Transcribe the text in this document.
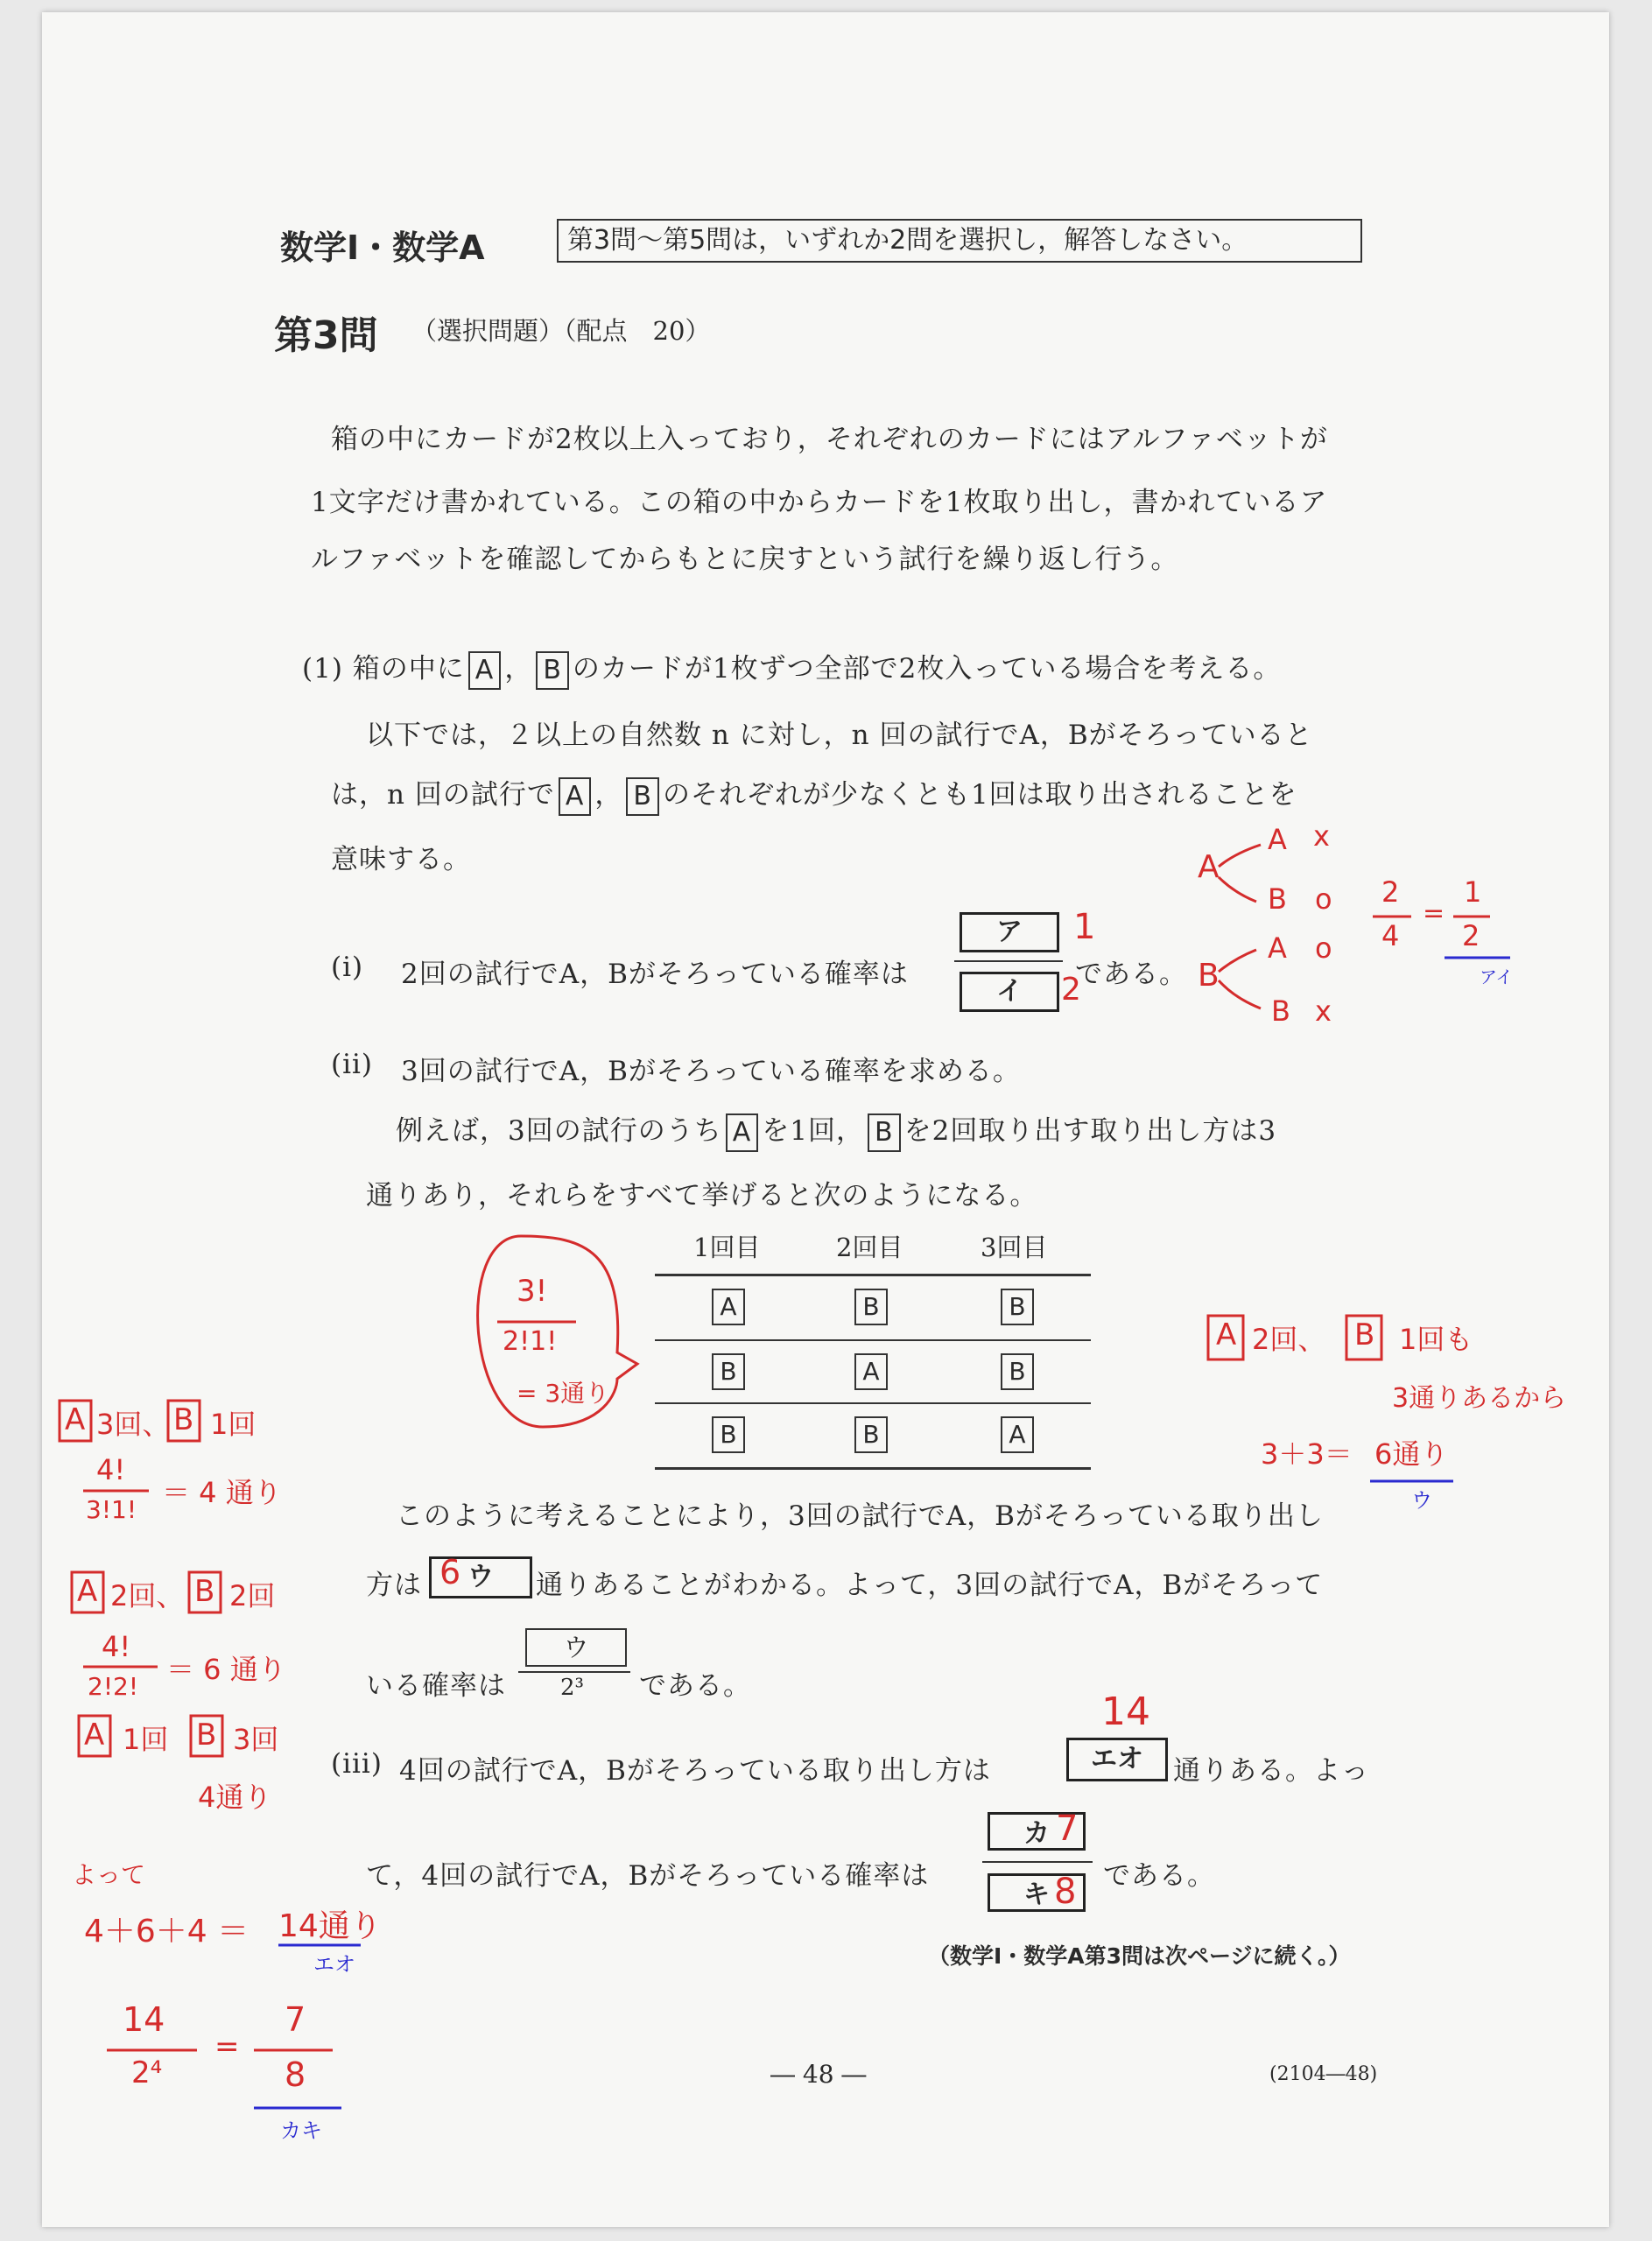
数学Ⅰ・数学A	第3問～第5問は，いずれか2問を選択し，解答しなさい。
第3問 （選択問題）（配点　20）
箱の中にカードが2枚以上入っており，それぞれのカードにはアルファベットが
1文字だけ書かれている。この箱の中からカードを1枚取り出し，書かれているア
ルファベットを確認してからもとに戻すという試行を繰り返し行う。
(1) 箱の中に A ， B のカードが1枚ずつ全部で2枚入っている場合を考える。
以下では，２以上の自然数 n に対し，n 回の試行でA，Bがそろっていると
は，n 回の試行で A ， B のそれぞれが少なくとも1回は取り出されることを
意味する。
(i) 2回の試行でA，Bがそろっている確率は
ア
イ
である。
(ii) 3回の試行でA，Bがそろっている確率を求める。
例えば，3回の試行のうち A を1回， B を2回取り出す取り出し方は3
通りあり，それらをすべて挙げると次のようになる。
1回目	2回目	3回目
A	B	B
B	A	B
B	B	A
このように考えることにより，3回の試行でA，Bがそろっている取り出し
方は	ウ	通りあることがわかる。よって，3回の試行でA，Bがそろって
いる確率は
ウ
2³ である。
(iii) 4回の試行でA，Bがそろっている取り出し方は	エオ	通りある。よっ
て，4回の試行でA，Bがそろっている確率は
カ
キ
である。
（数学Ⅰ・数学A第3問は次ページに続く。）
― 48 ―	(2104―48)
1
2
6
14
7
8
A
A x
B o
B
A o
B x
2
4
=
1
2
アイ
3!
2!1!
= 3通り
A 2回、 B 1回も
3通りあるから
3＋3＝ 6通り
ウ
A 3回、 B 1回
4!
3!1!
＝ 4 通り
A 2回、 B 2回
4!
2!2!
＝ 6 通り
A 1回 B 3回
4通り
よって
4＋6＋4 ＝ 14通り
エオ
14
2⁴
=
7
8
カキ
